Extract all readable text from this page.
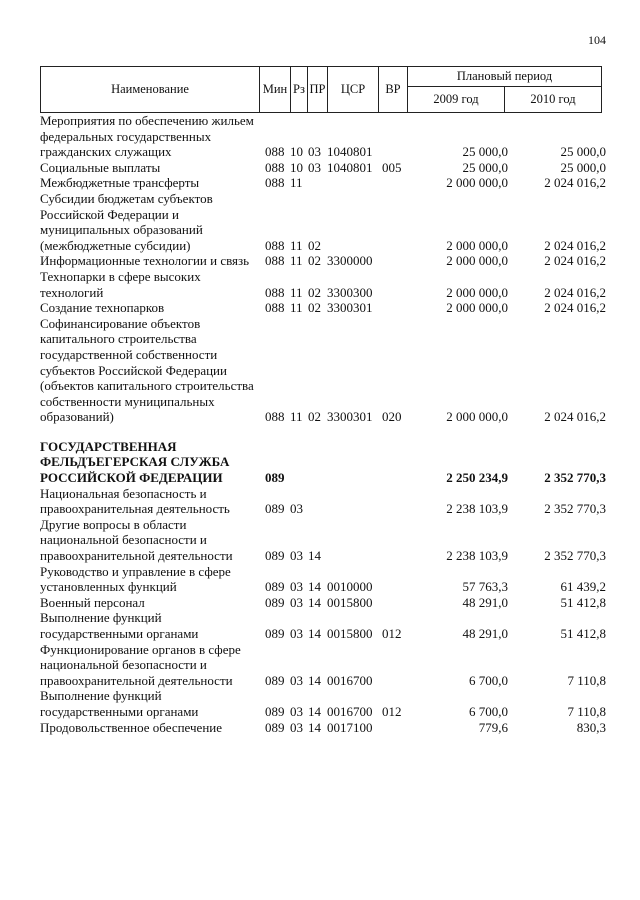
104
Наименование	Мин	Рз	ПР	ЦСР	ВР	Плановый период	
						2009 год	2010 год
Мероприятия по обеспечению жильем федеральных государственных гражданских служащих	088 10 03 1040801	25 000,0	25 000,0
Социальные выплаты	088 10 03 1040801 005	25 000,0	25 000,0
Межбюджетные трансферты	088 11	2 000 000,0	2 024 016,2
Субсидии бюджетам субъектов Российской Федерации и муниципальных образований (межбюджетные субсидии)	088 11 02	2 000 000,0	2 024 016,2
Информационные технологии и связь	088 11 02 3300000	2 000 000,0	2 024 016,2
Технопарки в сфере высоких технологий	088 11 02 3300300	2 000 000,0	2 024 016,2
Создание технопарков	088 11 02 3300301	2 000 000,0	2 024 016,2
Софинансирование объектов капитального строительства государственной собственности субъектов Российской Федерации (объектов капитального строительства собственности муниципальных образований)	088 11 02 3300301 020	2 000 000,0	2 024 016,2
ГОСУДАРСТВЕННАЯ ФЕЛЬДЪЕГЕРСКАЯ СЛУЖБА РОССИЙСКОЙ ФЕДЕРАЦИИ	089	2 250 234,9	2 352 770,3
Национальная безопасность и правоохранительная деятельность	089 03	2 238 103,9	2 352 770,3
Другие вопросы в области национальной безопасности и правоохранительной деятельности	089 03 14	2 238 103,9	2 352 770,3
Руководство и управление в сфере установленных функций	089 03 14 0010000	57 763,3	61 439,2
Военный персонал	089 03 14 0015800	48 291,0	51 412,8
Выполнение функций государственными органами	089 03 14 0015800 012	48 291,0	51 412,8
Функционирование органов в сфере национальной безопасности и правоохранительной деятельности	089 03 14 0016700	6 700,0	7 110,8
Выполнение функций государственными органами	089 03 14 0016700 012	6 700,0	7 110,8
Продовольственное обеспечение	089 03 14 0017100	779,6	830,3
